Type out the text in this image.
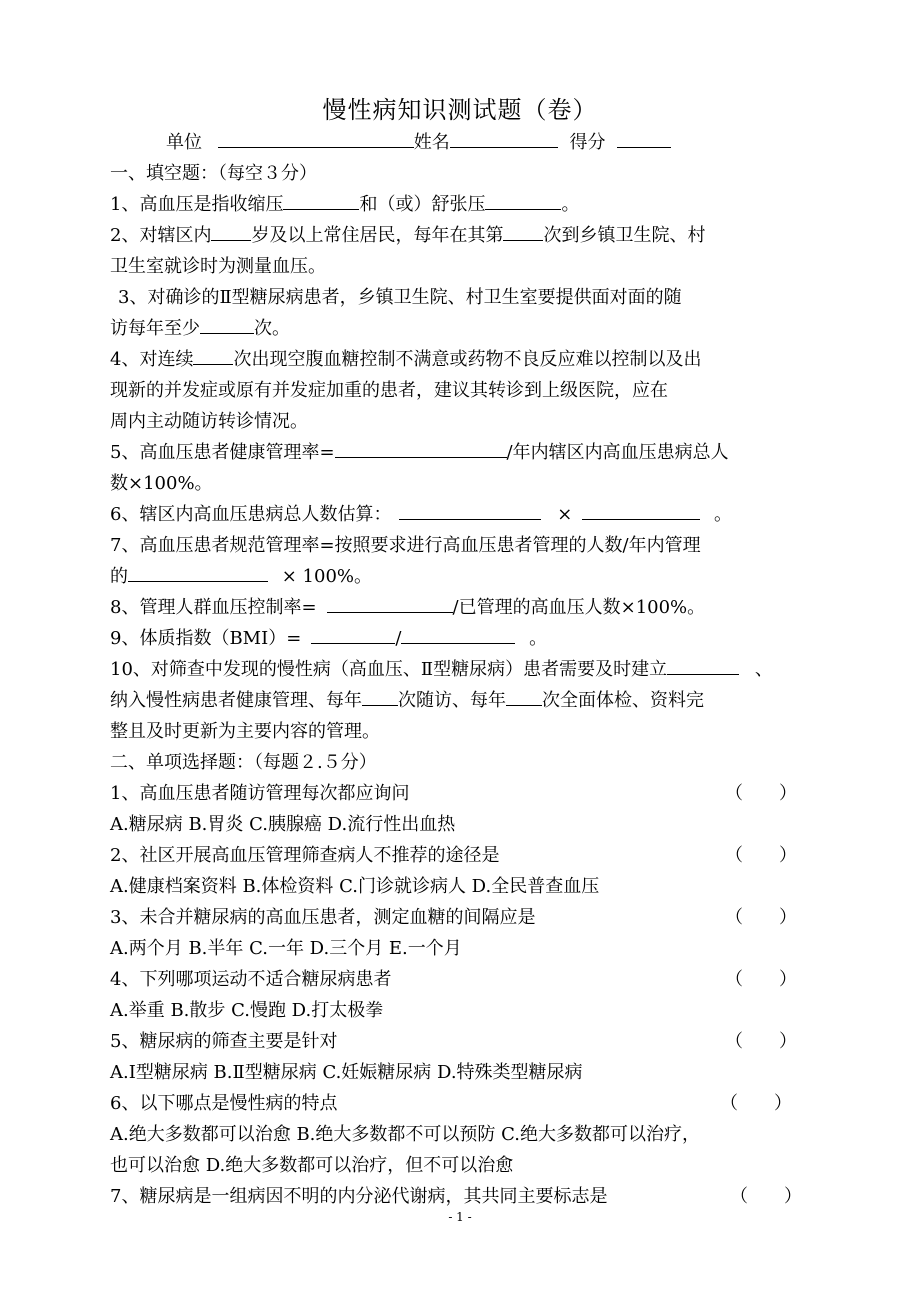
慢性病知识测试题（卷）
单位	姓名	得分
一、填空题：（每空３分）
1、高血压是指收缩压	和（或）舒张压	。
2、对辖区内 岁及以上常住居民，每年在其第 次到乡镇卫生院、村
卫生室就诊时为测量血压。
3、对确诊的Ⅱ型糖尿病患者，乡镇卫生院、村卫生室要提供面对面的随
访每年至少	次。
4、对连续 次出现空腹血糖控制不满意或药物不良反应难以控制以及出
现新的并发症或原有并发症加重的患者，建议其转诊到上级医院，应在
周内主动随访转诊情况。
5、高血压患者健康管理率=	/年内辖区内高血压患病总人
数×100%。
6、辖区内高血压患病总人数估算：	×	。
7、高血压患者规范管理率=按照要求进行高血压患者管理的人数/年内管理
的	× 100%。
8、管理人群血压控制率=	/已管理的高血压人数×100%。
9、体质指数（BMI）=	/	。
10、对筛查中发现的慢性病（高血压、Ⅱ型糖尿病）患者需要及时建立	、
纳入慢性病患者健康管理、每年 次随访、每年 次全面体检、资料完
整且及时更新为主要内容的管理。
二、单项选择题：（每题２.５分）
1、高血压患者随访管理每次都应询问	（　　）
A.糖尿病 B.胃炎 C.胰腺癌 D.流行性出血热
2、社区开展高血压管理筛查病人不推荐的途径是	（　　）
A.健康档案资料 B.体检资料 C.门诊就诊病人 D.全民普查血压
3、未合并糖尿病的高血压患者，测定血糖的间隔应是	（　　）
A.两个月 B.半年 C.一年 D.三个月 E.一个月
4、下列哪项运动不适合糖尿病患者	（　　）
A.举重 B.散步 C.慢跑 D.打太极拳
5、糖尿病的筛查主要是针对	（　　）
A.Ⅰ型糖尿病 B.Ⅱ型糖尿病 C.妊娠糖尿病 D.特殊类型糖尿病
6、以下哪点是慢性病的特点	（　　）
A.绝大多数都可以治愈 B.绝大多数都不可以预防 C.绝大多数都可以治疗，
也可以治愈 D.绝大多数都可以治疗，但不可以治愈
7、糖尿病是一组病因不明的内分泌代谢病，其共同主要标志是	（　　）
- 1 -
